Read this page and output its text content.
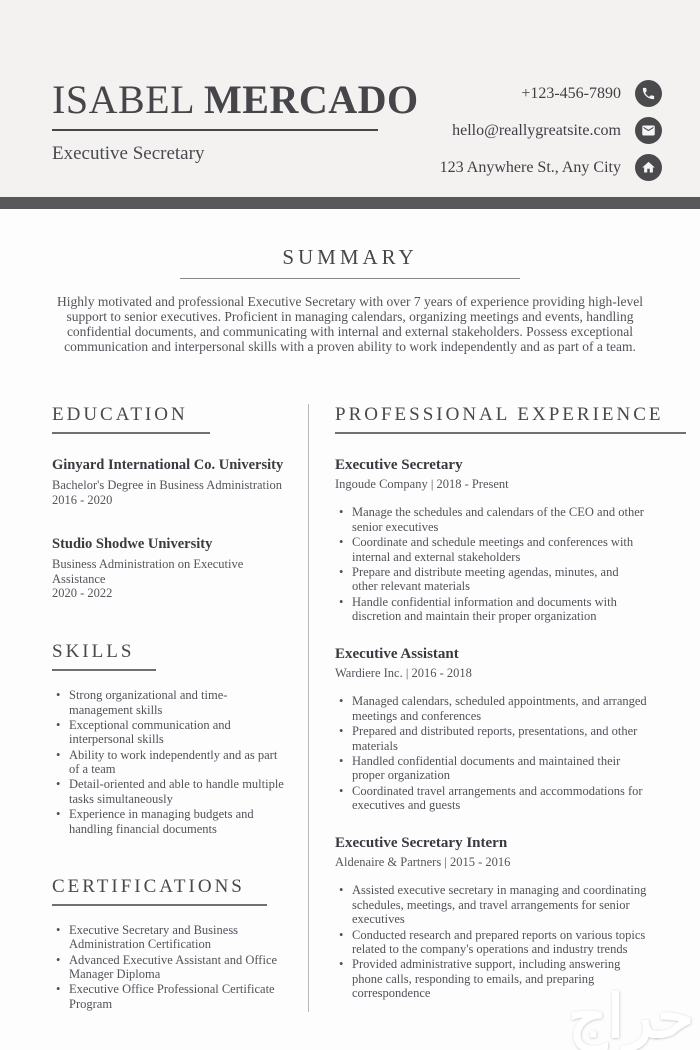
ISABEL MERCADO
Executive Secretary
+123-456-7890
hello@reallygreatsite.com
123 Anywhere St., Any City
SUMMARY

Highly motivated and professional Executive Secretary with over 7 years of experience providing high-level support to senior executives. Proficient in managing calendars, organizing meetings and events, handling confidential documents, and communicating with internal and external stakeholders. Possess exceptional communication and interpersonal skills with a proven ability to work independently and as part of a team.

EDUCATION
Ginyard International Co. University
Bachelor's Degree in Business Administration
2016 - 2020
Studio Shodwe University
Business Administration on Executive Assistance
2020 - 2022
SKILLS
• Strong organizational and time-management skills
• Exceptional communication and interpersonal skills
• Ability to work independently and as part of a team
• Detail-oriented and able to handle multiple tasks simultaneously
• Experience in managing budgets and handling financial documents
CERTIFICATIONS
• Executive Secretary and Business Administration Certification
• Advanced Executive Assistant and Office Manager Diploma
• Executive Office Professional Certificate Program
PROFESSIONAL EXPERIENCE
Executive Secretary
Ingoude Company | 2018 - Present
• Manage the schedules and calendars of the CEO and other senior executives
• Coordinate and schedule meetings and conferences with internal and external stakeholders
• Prepare and distribute meeting agendas, minutes, and other relevant materials
• Handle confidential information and documents with discretion and maintain their proper organization
Executive Assistant
Wardiere Inc. | 2016 - 2018
• Managed calendars, scheduled appointments, and arranged meetings and conferences
• Prepared and distributed reports, presentations, and other materials
• Handled confidential documents and maintained their proper organization
• Coordinated travel arrangements and accommodations for executives and guests
Executive Secretary Intern
Aldenaire & Partners | 2015 - 2016
• Assisted executive secretary in managing and coordinating schedules, meetings, and travel arrangements for senior executives
• Conducted research and prepared reports on various topics related to the company's operations and industry trends
• Provided administrative support, including answering phone calls, responding to emails, and preparing correspondence	حراج
